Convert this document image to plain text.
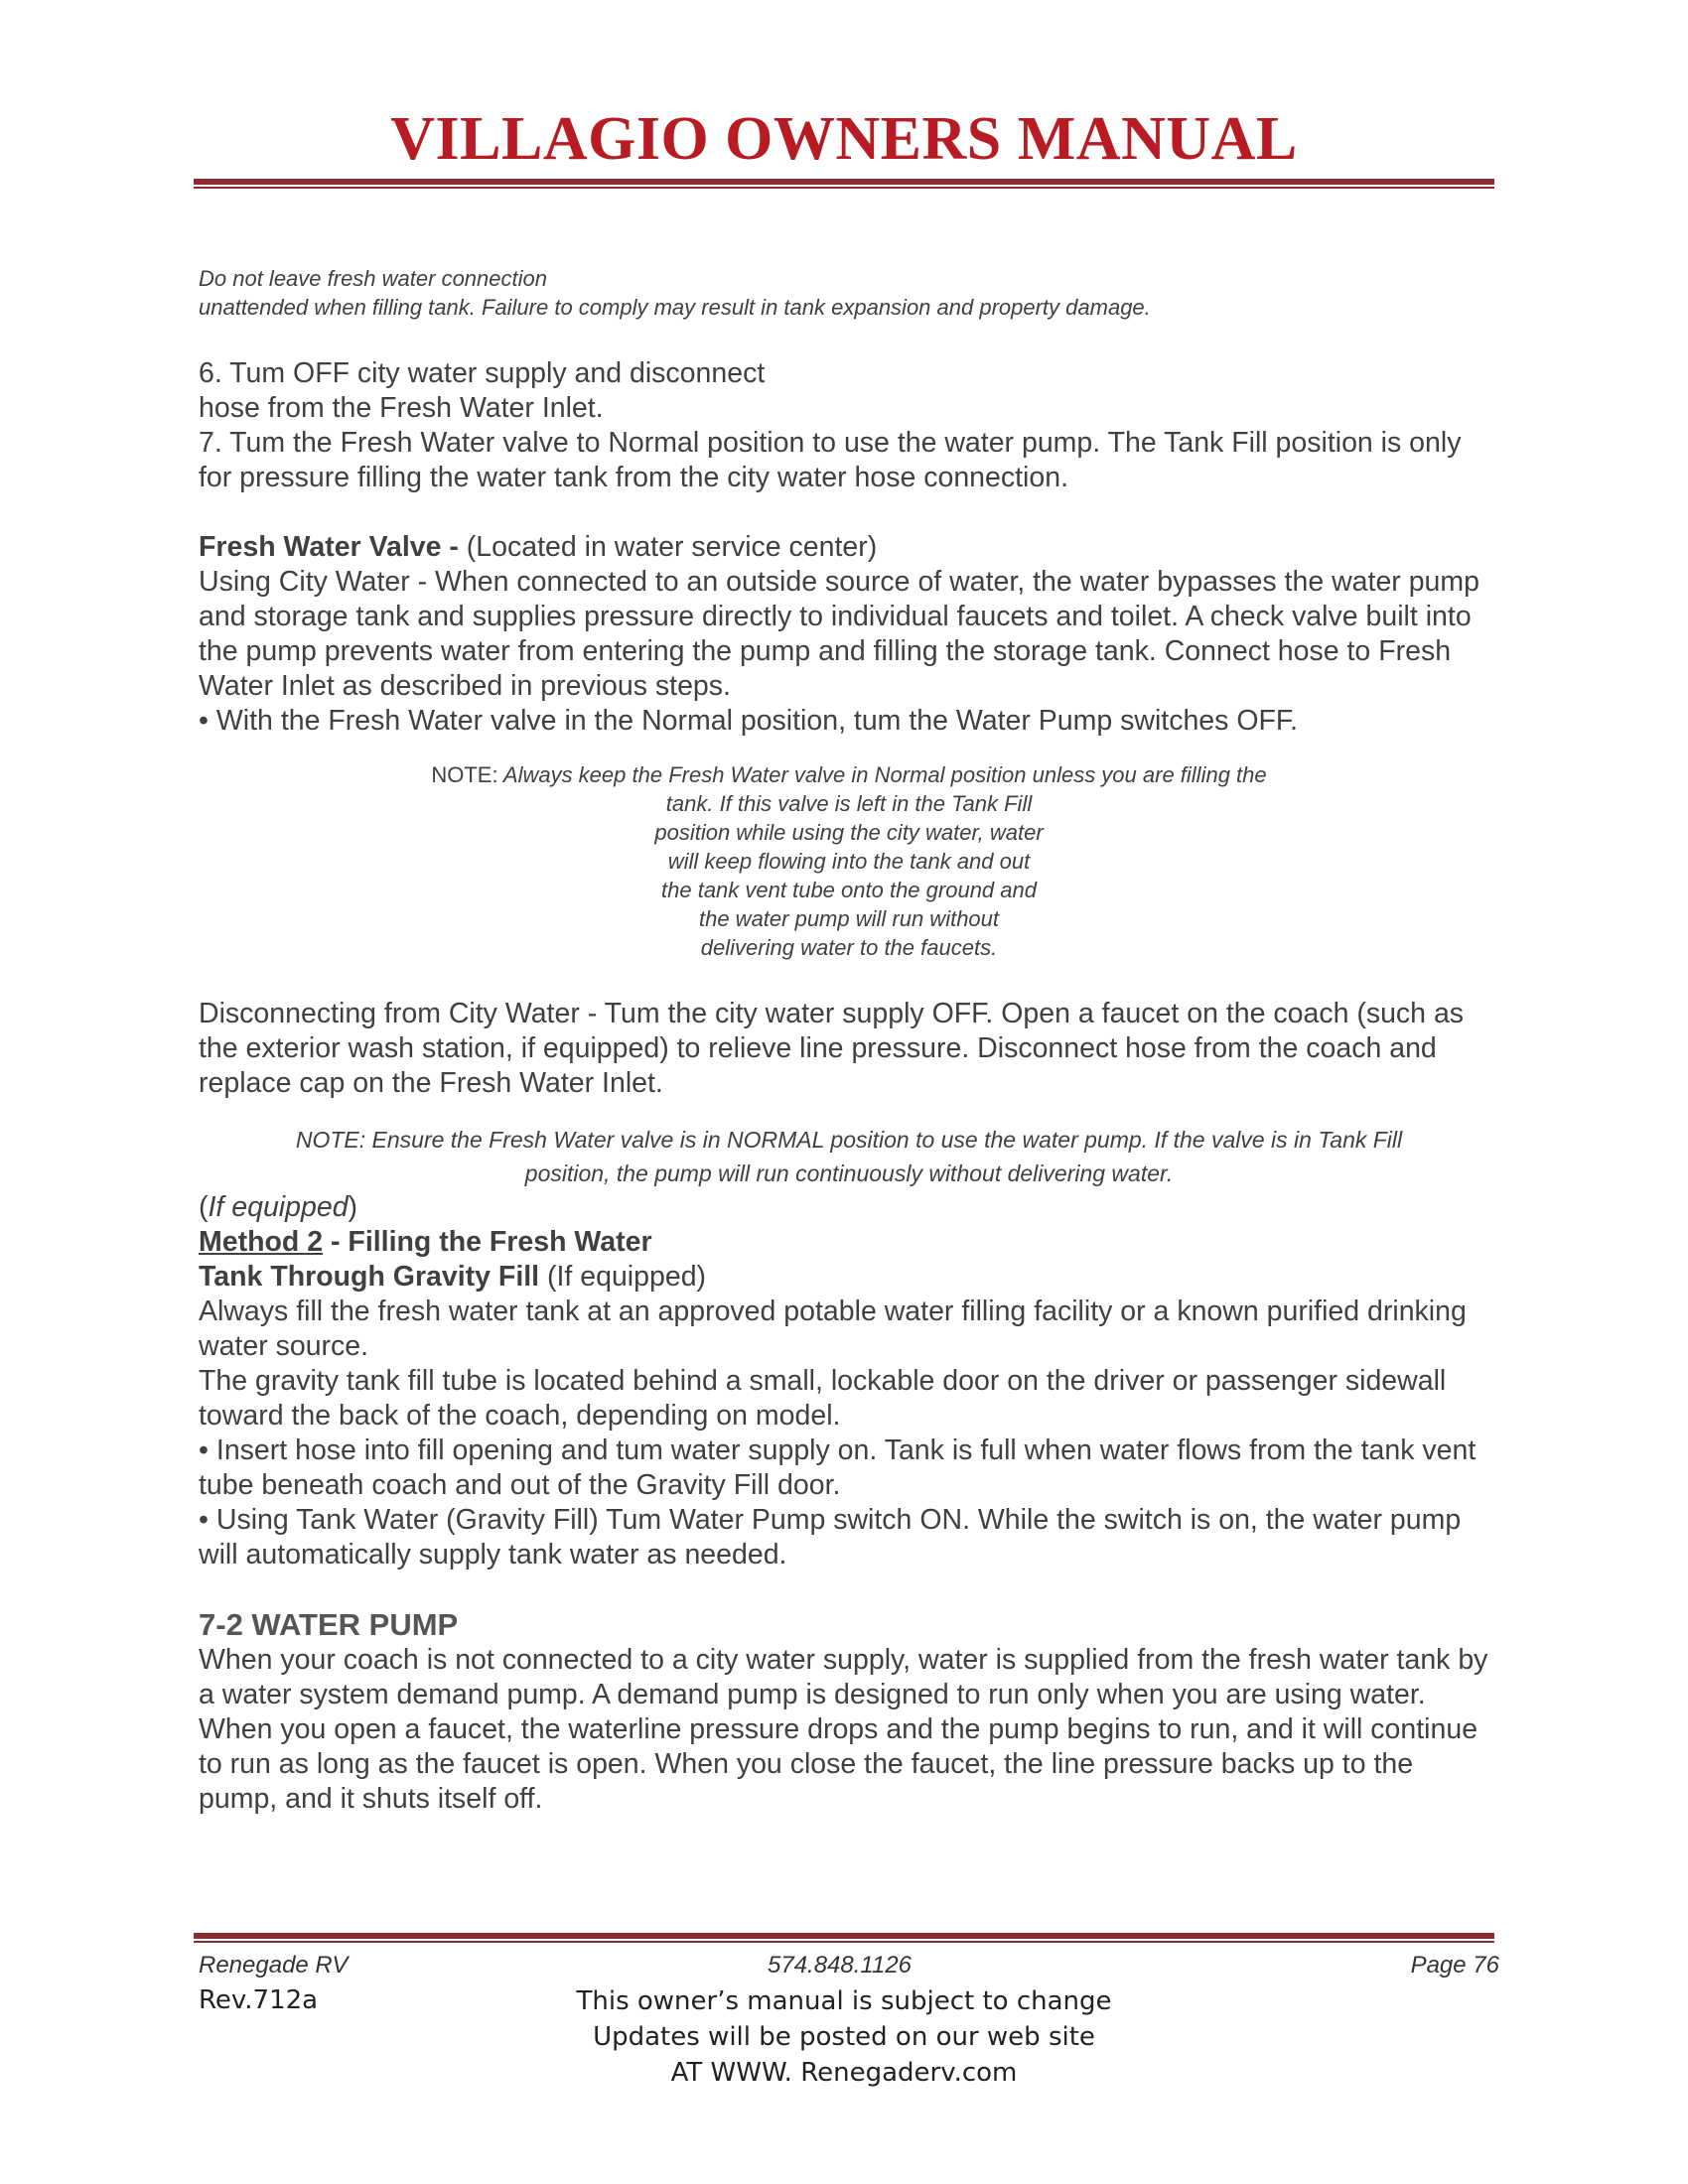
VILLAGIO OWNERS MANUAL

Do not leave fresh water connection

unattended when filling tank. Failure to comply may result in tank expansion and property damage.

6. Tum OFF city water supply and disconnect

hose from the Fresh Water Inlet.

7. Tum the Fresh Water valve to Normal position to use the water pump. The Tank Fill position is only for pressure filling the water tank from the city water hose connection.

Fresh Water Valve - (Located in water service center)

Using City Water - When connected to an outside source of water, the water bypasses the water pump and storage tank and supplies pressure directly to individual faucets and toilet. A check valve built into the pump prevents water from entering the pump and filling the storage tank. Connect hose to Fresh Water Inlet as described in previous steps.

• With the Fresh Water valve in the Normal position, tum the Water Pump switches OFF.

NOTE: Always keep the Fresh Water valve in Normal position unless you are filling the

tank. If this valve is left in the Tank Fill

position while using the city water, water

will keep flowing into the tank and out

the tank vent tube onto the ground and

the water pump will run without

delivering water to the faucets.

Disconnecting from City Water - Tum the city water supply OFF. Open a faucet on the coach (such as the exterior wash station, if equipped) to relieve line pressure. Disconnect hose from the coach and replace cap on the Fresh Water Inlet.

NOTE: Ensure the Fresh Water valve is in NORMAL position to use the water pump. If the valve is in Tank Fill

position, the pump will run continuously without delivering water.

(If equipped)

Method 2 - Filling the Fresh Water

Tank Through Gravity Fill (If equipped)

Always fill the fresh water tank at an approved potable water filling facility or a known purified drinking water source.

The gravity tank fill tube is located behind a small, lockable door on the driver or passenger sidewall toward the back of the coach, depending on model.

• Insert hose into fill opening and tum water supply on. Tank is full when water flows from the tank vent tube beneath coach and out of the Gravity Fill door.

• Using Tank Water (Gravity Fill) Tum Water Pump switch ON. While the switch is on, the water pump will automatically supply tank water as needed.

7-2 WATER PUMP

When your coach is not connected to a city water supply, water is supplied from the fresh water tank by a water system demand pump. A demand pump is designed to run only when you are using water. When you open a faucet, the waterline pressure drops and the pump begins to run, and it will continue to run as long as the faucet is open. When you close the faucet, the line pressure backs up to the pump, and it shuts itself off.

Renegade RV	574.848.1126	Page 76
Rev.712a	This owner’s manual is subject to change
Updates will be posted on our web site
AT WWW. Renegaderv.com
